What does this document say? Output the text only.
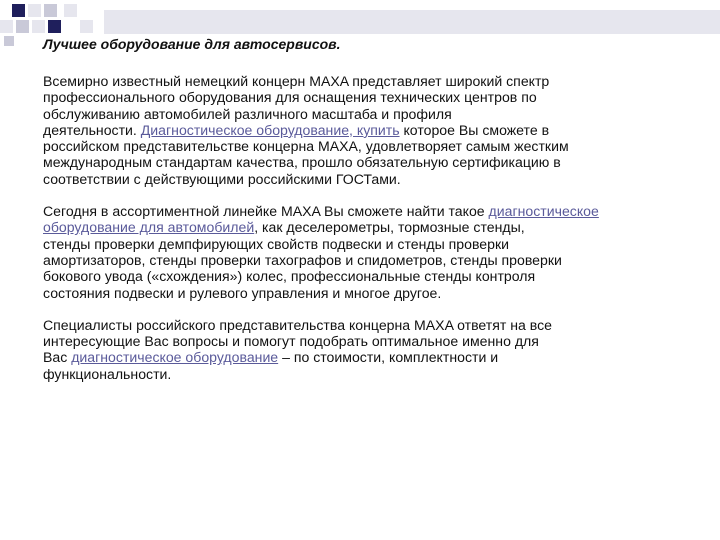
Лучшее оборудование для автосервисов.
Всемирно известный немецкий концерн MAXA представляет широкий спектр
профессионального оборудования для оснащения технических центров по
обслуживанию автомобилей различного масштаба и профиля
деятельности. Диагностическое оборудование, купить которое Вы сможете в
российском представительстве концерна MAXA, удовлетворяет самым жестким
международным стандартам качества, прошло обязательную сертификацию в
соответствии с действующими российскими ГОСТами.
Сегодня в ассортиментной линейке MAXA Вы сможете найти такое диагностическое
оборудование для автомобилей, как деселерометры, тормозные стенды,
стенды проверки демпфирующих свойств подвески и стенды проверки
амортизаторов, стенды проверки тахографов и спидометров, стенды проверки
бокового увода («схождения») колес, профессиональные стенды контроля
состояния подвески и рулевого управления и многое другое.
Специалисты российского представительства концерна MAXA ответят на все
интересующие Вас вопросы и помогут подобрать оптимальное именно для
Вас диагностическое оборудование – по стоимости, комплектности и
функциональности.
